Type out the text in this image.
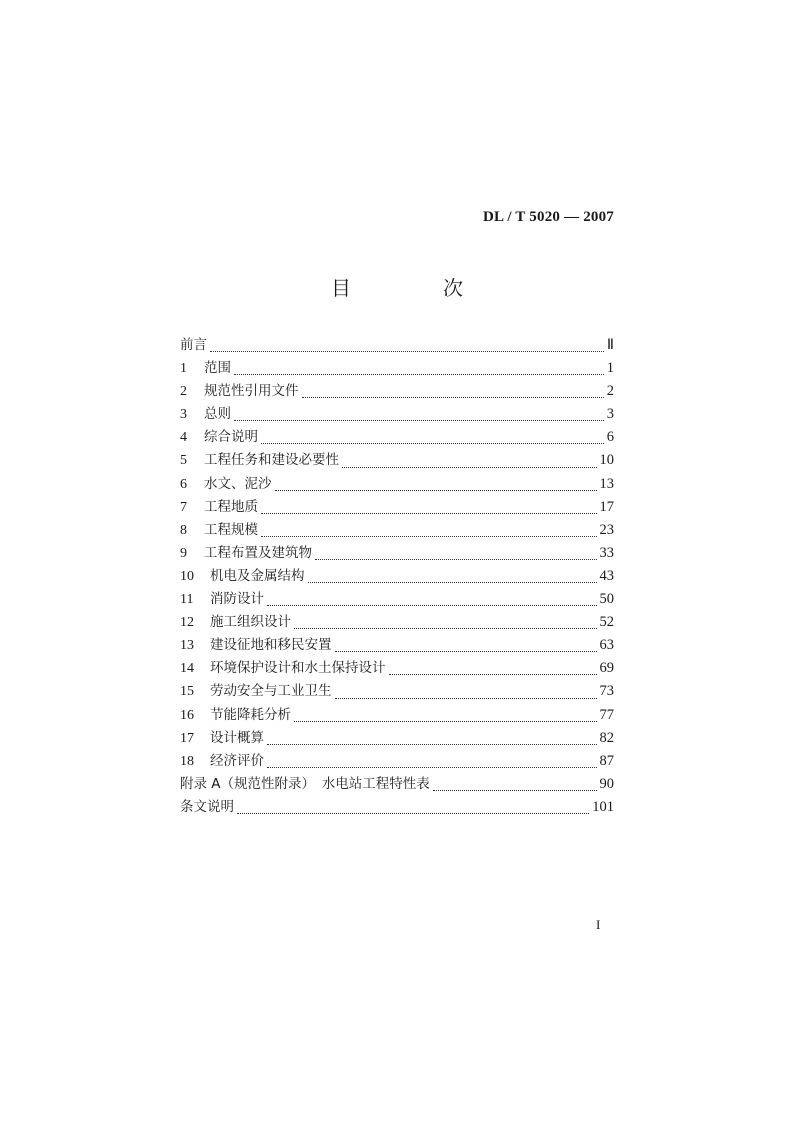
DL / T 5020 — 2007
目　次
前言	Ⅱ
1	范围	1
2	规范性引用文件	2
3	总则	3
4	综合说明	6
5	工程任务和建设必要性	10
6	水文、泥沙	13
7	工程地质	17
8	工程规模	23
9	工程布置及建筑物	33
10	机电及金属结构	43
11	消防设计	50
12	施工组织设计	52
13	建设征地和移民安置	63
14	环境保护设计和水土保持设计	69
15	劳动安全与工业卫生	73
16	节能降耗分析	77
17	设计概算	82
18	经济评价	87
附录 A（规范性附录）　水电站工程特性表	90
条文说明	101
I
